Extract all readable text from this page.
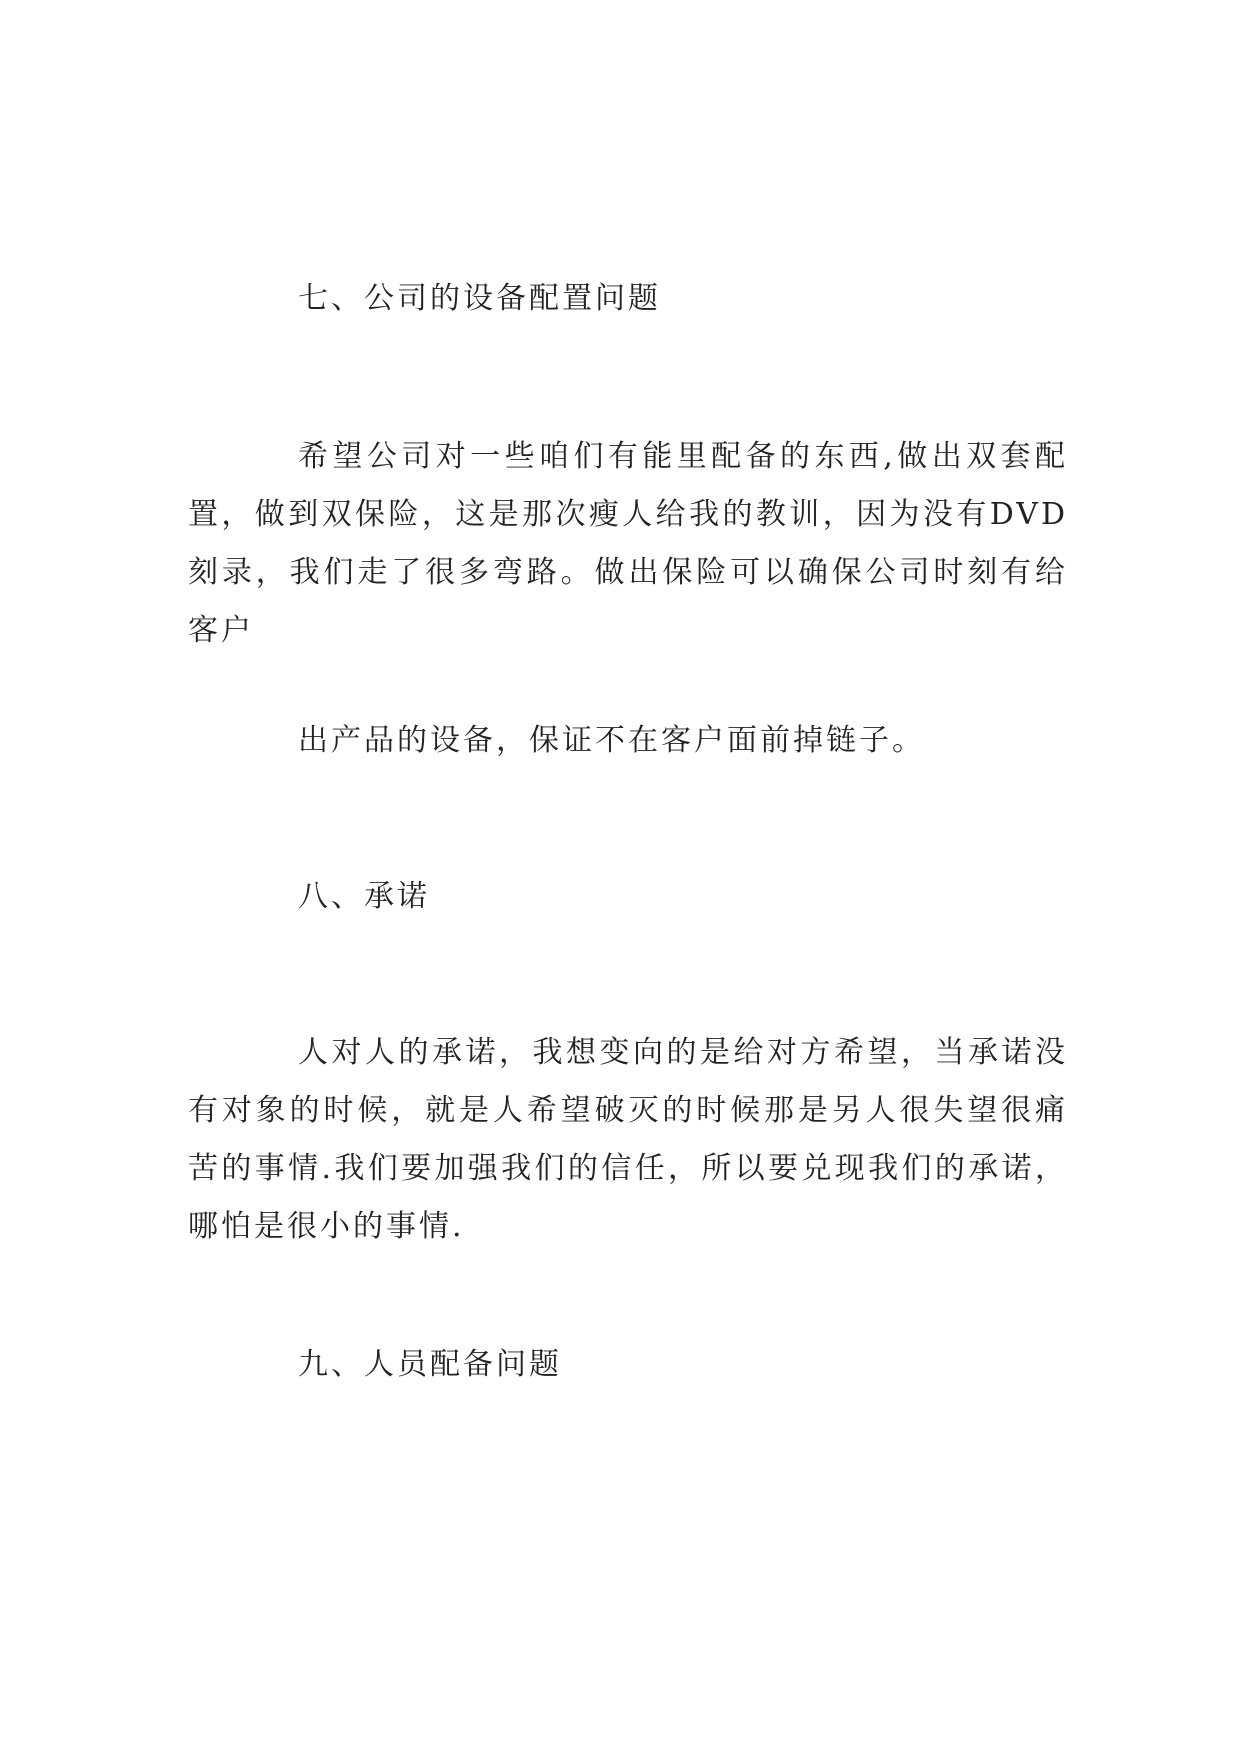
七、公司的设备配置问题

希望公司对一些咱们有能里配备的东西,做出双套配置，做到双保险，这是那次瘦人给我的教训，因为没有DVD刻录，我们走了很多弯路。做出保险可以确保公司时刻有给客户

出产品的设备，保证不在客户面前掉链子。

八、承诺

人对人的承诺，我想变向的是给对方希望，当承诺没有对象的时候，就是人希望破灭的时候那是另人很失望很痛苦的事情.我们要加强我们的信任，所以要兑现我们的承诺，哪怕是很小的事情.

九、人员配备问题
